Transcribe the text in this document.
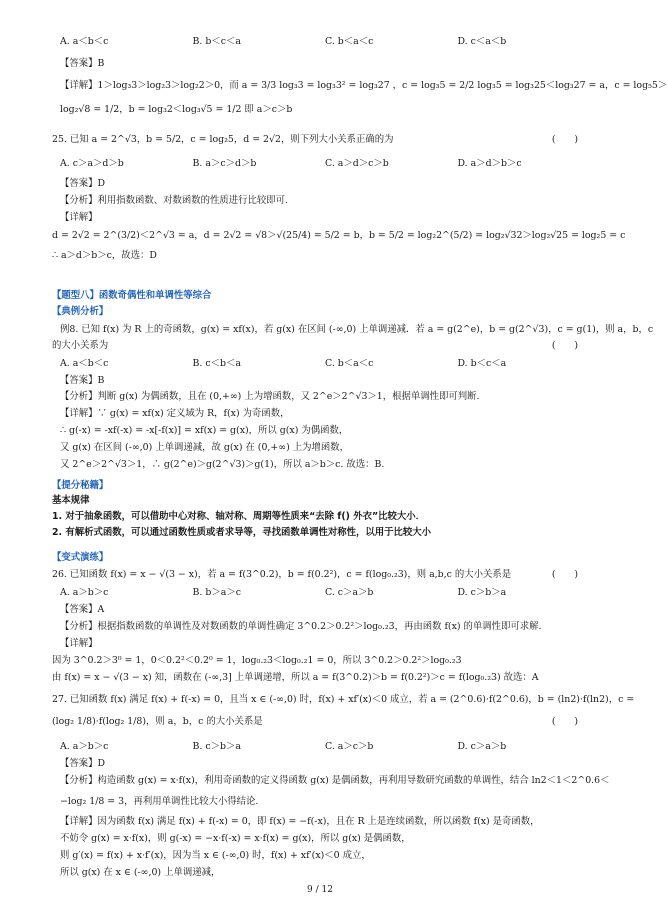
A. a＜b＜c	B. b＜c＜a	C. b＜a＜c	D. c＜a＜b
【答案】B
【详解】1＞log₃3＞log₂3＞log₂2＞0，而 a = 3/3 log₃3 = log₃3² = log₃27 ，c = log₃5 = 2/2 log₃5 = log₃25＜log₃27 = a，c = log₅5＞
log₂√8 = 1/2，b = log₃2＜log₃√5 = 1/2 即 a＞c＞b
25. 已知 a = 2^√3，b = 5/2，c = log₂5，d = 2√2，则下列大小关系正确的为	(　　)
A. c＞a＞d＞b	B. a＞c＞d＞b	C. a＞d＞c＞b	D. a＞d＞b＞c
【答案】D
【分析】利用指数函数、对数函数的性质进行比较即可.
【详解】
d = 2√2 = 2^(3/2)＜2^√3 = a，d = 2√2 = √8＞√(25/4) = 5/2 = b，b = 5/2 = log₂2^(5/2) = log₂√32＞log₂√25 = log₂5 = c
∴ a＞d＞b＞c，故选：D
【题型八】函数奇偶性和单调性等综合
【典例分析】
例8. 已知 f(x) 为 R 上的奇函数，g(x) = xf(x)，若 g(x) 在区间 (-∞,0) 上单调递减．若 a = g(2^e)，b = g(2^√3)，c = g(1)，则 a，b，c
的大小关系为	(　　)
A. a＜b＜c	B. c＜b＜a	C. b＜a＜c	D. b＜c＜a
【答案】B
【分析】判断 g(x) 为偶函数，且在 (0,+∞) 上为增函数，又 2^e＞2^√3＞1，根据单调性即可判断.
【详解】∵ g(x) = xf(x) 定义域为 R，f(x) 为奇函数，
∴ g(-x) = -xf(-x) = -x[-f(x)] = xf(x) = g(x)，所以 g(x) 为偶函数，
又 g(x) 在区间 (-∞,0) 上单调递减，故 g(x) 在 (0,+∞) 上为增函数，
又 2^e＞2^√3＞1，∴ g(2^e)＞g(2^√3)＞g(1)，所以 a＞b＞c. 故选：B.
【提分秘籍】
基本规律
1. 对于抽象函数，可以借助中心对称、轴对称、周期等性质来“去除 f() 外衣”比较大小．
2. 有解析式函数，可以通过函数性质或者求导等，寻找函数单调性对称性，以用于比较大小
【变式演练】
26. 已知函数 f(x) = x − √(3 − x)，若 a = f(3^0.2)，b = f(0.2²)，c = f(log₀.₂3)，则 a,b,c 的大小关系是	(　　)
A. a＞b＞c	B. b＞a＞c	C. c＞a＞b	D. c＞b＞a
【答案】A
【分析】根据指数函数的单调性及对数函数的单调性确定 3^0.2＞0.2²＞log₀.₂3，再由函数 f(x) 的单调性即可求解.
【详解】
因为 3^0.2＞3⁰ = 1，0＜0.2²＜0.2⁰ = 1，log₀.₂3＜log₀.₂1 = 0，所以 3^0.2＞0.2²＞log₀.₂3
由 f(x) = x − √(3 − x) 知，函数在 (-∞,3] 上单调递增，所以 a = f(3^0.2)＞b = f(0.2²)＞c = f(log₀.₂3) 故选：A
27. 已知函数 f(x) 满足 f(x) + f(-x) = 0，且当 x ∈ (-∞,0) 时，f(x) + xf′(x)＜0 成立，若 a = (2^0.6)·f(2^0.6)，b = (ln2)·f(ln2)，c =
(log₂ 1/8)·f(log₂ 1/8)，则 a，b，c 的大小关系是	(　　)
A. a＞b＞c	B. c＞b＞a	C. a＞c＞b	D. c＞a＞b
【答案】D
【分析】构造函数 g(x) = x·f(x)，利用奇函数的定义得函数 g(x) 是偶函数，再利用导数研究函数的单调性，结合 ln2＜1＜2^0.6＜
−log₂ 1/8 = 3，再利用单调性比较大小得结论.
【详解】因为函数 f(x) 满足 f(x) + f(-x) = 0，即 f(x) = −f(-x)，且在 R 上是连续函数，所以函数 f(x) 是奇函数，
不妨令 g(x) = x·f(x)，则 g(-x) = −x·f(-x) = x·f(x) = g(x)，所以 g(x) 是偶函数，
则 g′(x) = f(x) + x·f′(x)，因为当 x ∈ (-∞,0) 时，f(x) + xf′(x)＜0 成立，
所以 g(x) 在 x ∈ (-∞,0) 上单调递减，
9 / 12
